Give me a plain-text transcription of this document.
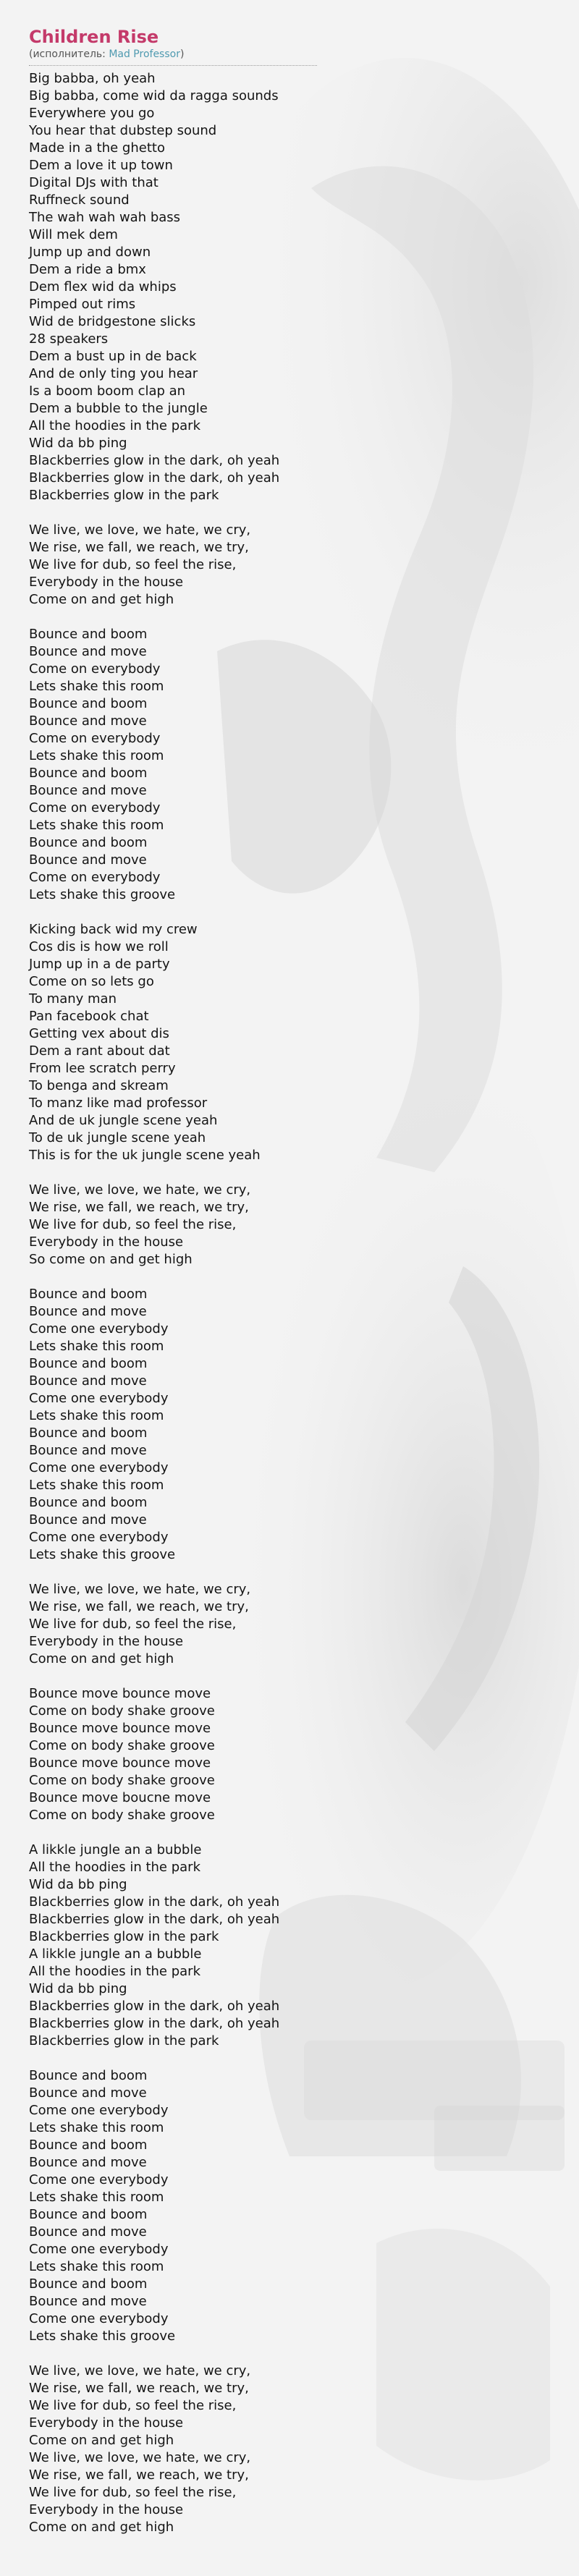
Children Rise
(исполнитель: Mad Professor)
Big babba, oh yeah
Big babba, come wid da ragga sounds
Everywhere you go
You hear that dubstep sound
Made in a the ghetto
Dem a love it up town
Digital DJs with that
Ruffneck sound
The wah wah wah bass
Will mek dem
Jump up and down
Dem a ride a bmx
Dem flex wid da whips
Pimped out rims
Wid de bridgestone slicks
28 speakers
Dem a bust up in de back
And de only ting you hear
Is a boom boom clap an
Dem a bubble to the jungle
All the hoodies in the park
Wid da bb ping
Blackberries glow in the dark, oh yeah
Blackberries glow in the dark, oh yeah
Blackberries glow in the park
We live, we love, we hate, we cry,
We rise, we fall, we reach, we try,
We live for dub, so feel the rise,
Everybody in the house
Come on and get high
Bounce and boom
Bounce and move
Come on everybody
Lets shake this room
Bounce and boom
Bounce and move
Come on everybody
Lets shake this room
Bounce and boom
Bounce and move
Come on everybody
Lets shake this room
Bounce and boom
Bounce and move
Come on everybody
Lets shake this groove
Kicking back wid my crew
Cos dis is how we roll
Jump up in a de party
Come on so lets go
To many man
Pan facebook chat
Getting vex about dis
Dem a rant about dat
From lee scratch perry
To benga and skream
To manz like mad professor
And de uk jungle scene yeah
To de uk jungle scene yeah
This is for the uk jungle scene yeah
We live, we love, we hate, we cry,
We rise, we fall, we reach, we try,
We live for dub, so feel the rise,
Everybody in the house
So come on and get high
Bounce and boom
Bounce and move
Come one everybody
Lets shake this room
Bounce and boom
Bounce and move
Come one everybody
Lets shake this room
Bounce and boom
Bounce and move
Come one everybody
Lets shake this room
Bounce and boom
Bounce and move
Come one everybody
Lets shake this groove
We live, we love, we hate, we cry,
We rise, we fall, we reach, we try,
We live for dub, so feel the rise,
Everybody in the house
Come on and get high
Bounce move bounce move
Come on body shake groove
Bounce move bounce move
Come on body shake groove
Bounce move bounce move
Come on body shake groove
Bounce move boucne move
Come on body shake groove
A likkle jungle an a bubble
All the hoodies in the park
Wid da bb ping
Blackberries glow in the dark, oh yeah
Blackberries glow in the dark, oh yeah
Blackberries glow in the park
A likkle jungle an a bubble
All the hoodies in the park
Wid da bb ping
Blackberries glow in the dark, oh yeah
Blackberries glow in the dark, oh yeah
Blackberries glow in the park
Bounce and boom
Bounce and move
Come one everybody
Lets shake this room
Bounce and boom
Bounce and move
Come one everybody
Lets shake this room
Bounce and boom
Bounce and move
Come one everybody
Lets shake this room
Bounce and boom
Bounce and move
Come one everybody
Lets shake this groove
We live, we love, we hate, we cry,
We rise, we fall, we reach, we try,
We live for dub, so feel the rise,
Everybody in the house
Come on and get high
We live, we love, we hate, we cry,
We rise, we fall, we reach, we try,
We live for dub, so feel the rise,
Everybody in the house
Come on and get high
